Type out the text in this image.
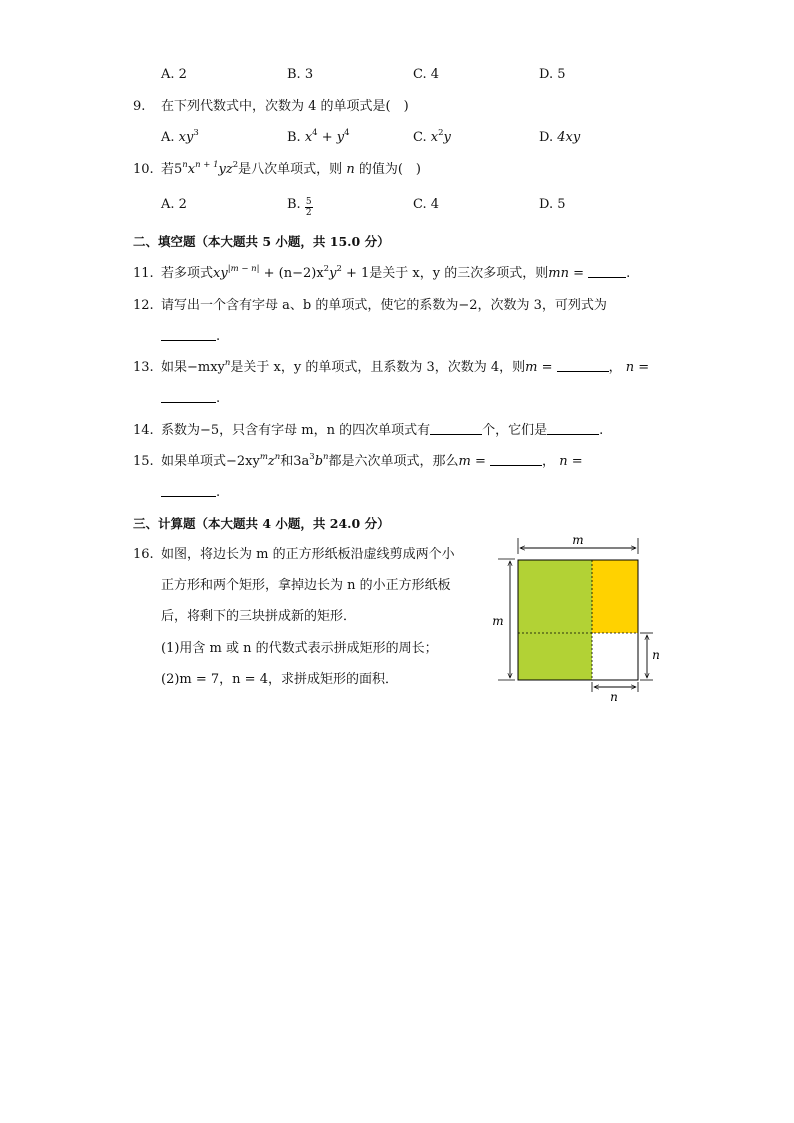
A. 2	B. 3	C. 4	D. 5
9. 在下列代数式中，次数为 4 的单项式是(　)
A. $xy^3$	B. $x^4 + y^4$	C. $x^2y$	D. 4xy
10. 若$5^nx^{n + 1}yz^2$是八次单项式，则 n 的值为(　)
A. 2	B. $\frac{5}{2}$	C. 4	D. 5
二、填空题（本大题共 5 小题，共 15.0 分）
11. 若多项式$xy^{|m - n|} + (n-2)x^2y^2 + 1$是关于 x，y 的三次多项式，则mn =	.
12. 请写出一个含有字母 a、b 的单项式，使它的系数为−2，次数为 3，可列式为
.
13. 如果−mxy$^n$是关于 x，y 的单项式，且系数为 3，次数为 4，则m =	， n =
.
14. 系数为−5，只含有字母 m，n 的四次单项式有	个，它们是	.
15. 如果单项式$-2xy^mz^n$和$3a^3b^n$都是六次单项式，那么m =	， n =
.
三、计算题（本大题共 4 小题，共 24.0 分）
16. 如图，将边长为 m 的正方形纸板沿虚线剪成两个小
正方形和两个矩形，拿掉边长为 n 的小正方形纸板
后，将剩下的三块拼成新的矩形．
(1)用含 m 或 n 的代数式表示拼成矩形的周长；
(2)m = 7，n = 4，求拼成矩形的面积．
m
m
n
n
